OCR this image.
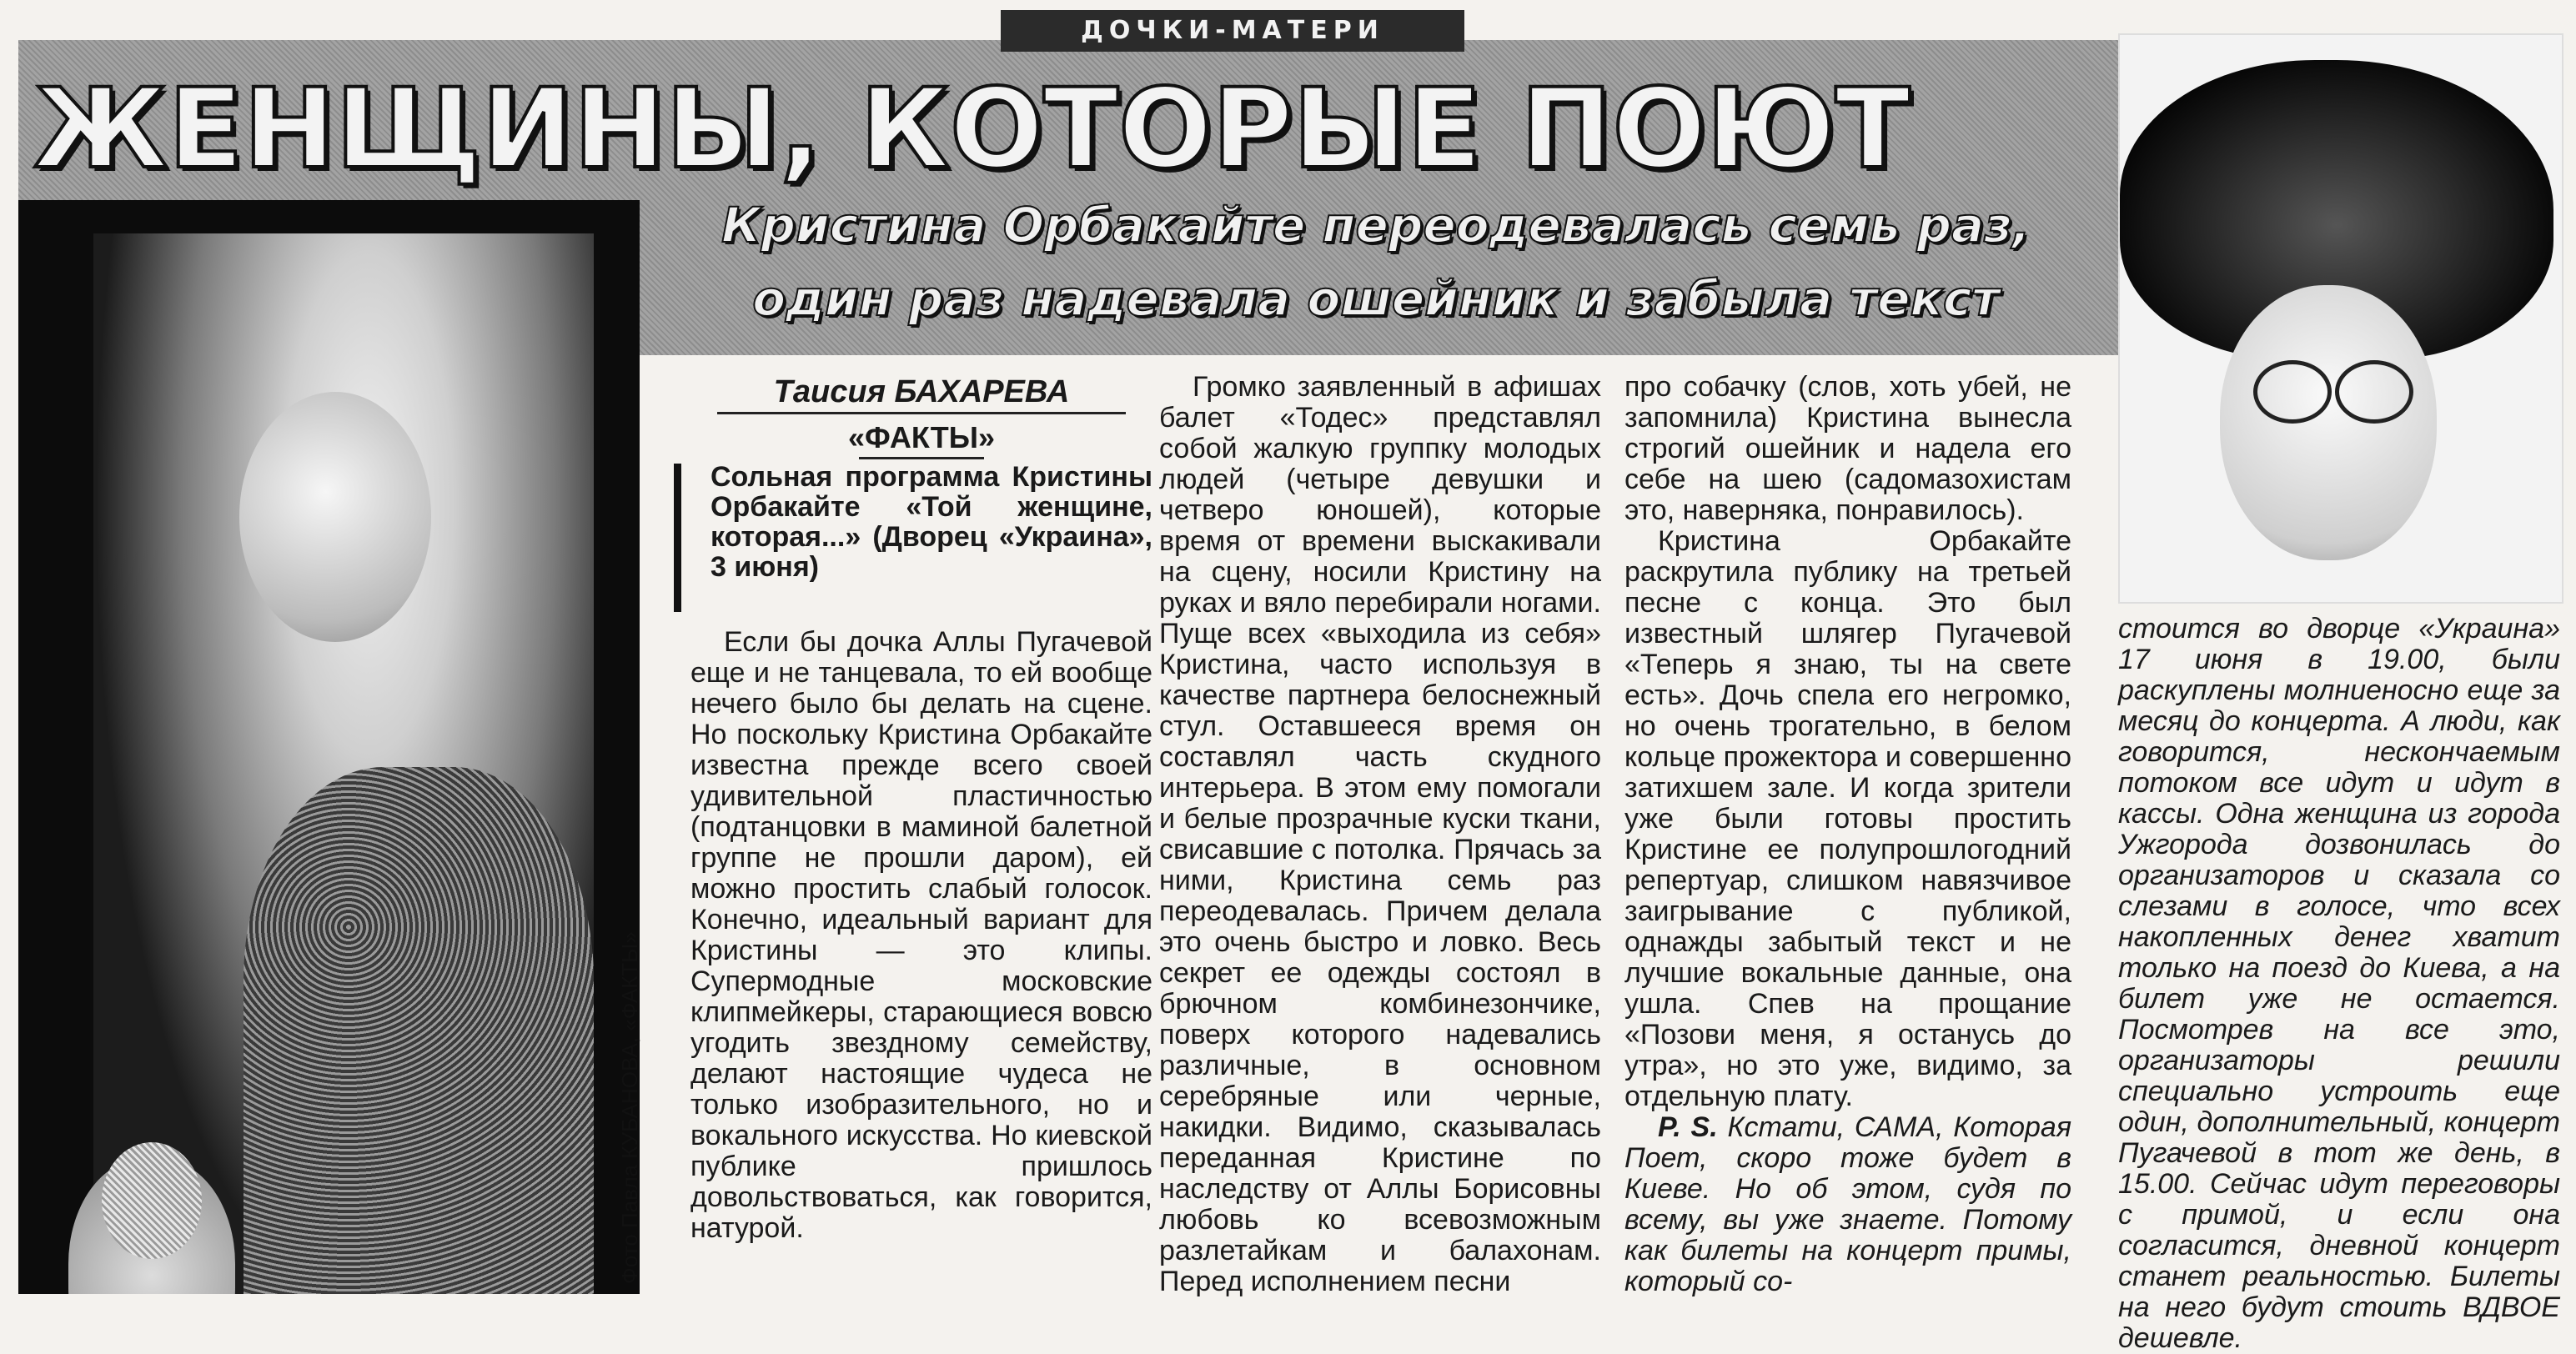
ДОЧКИ-МАТЕРИ
ЖЕНЩИНЫ, КОТОРЫЕ ПОЮТ
Кристина Орбакайте переодевалась семь раз,
один раз надевала ошейник и забыла текст
Фото Павла КУБАНОВА, «ФАКТЫ»
Таисия БАХАРЕВА
«ФАКТЫ»
Сольная программа Кристины Орбакайте «Той женщине, которая...» (Дворец «Украина», 3 июня)

Если бы дочка Аллы Пугачевой еще и не танцевала, то ей вообще нечего было бы делать на сцене. Но поскольку Кристина Орбакайте известна прежде всего своей удивительной пластичностью (подтанцовки в маминой балетной группе не прошли даром), ей можно простить слабый голосок. Конечно, идеальный вариант для Кристины — это клипы. Супермодные московские клипмейкеры, старающиеся вовсю угодить звездному семейству, делают настоящие чудеса не только изобразительного, но и вокального искусства. Но киевской публике пришлось довольствоваться, как говорится, натурой.

Громко заявленный в афишах балет «Тодес» представлял собой жалкую группку молодых людей (четыре девушки и четверо юношей), которые время от времени выскакивали на сцену, носили Кристину на руках и вяло перебирали ногами. Пуще всех «выходила из себя» Кристина, часто используя в качестве партнера белоснежный стул. Оставшееся время он составлял часть скудного интерьера. В этом ему помогали и белые прозрачные куски ткани, свисавшие с потолка. Прячась за ними, Кристина семь раз переодевалась. Причем делала это очень быстро и ловко. Весь секрет ее одежды состоял в брючном комбинезончике, поверх которого надевались различные, в основном серебряные или черные, накидки. Видимо, сказывалась переданная Кристине по наследству от Аллы Борисовны любовь ко всевозможным разлетайкам и балахонам. Перед исполнением песни

про собачку (слов, хоть убей, не запомнила) Кристина вынесла строгий ошейник и надела его себе на шею (садомазохистам это, наверняка, понравилось).

Кристина Орбакайте раскрутила публику на третьей песне с конца. Это был известный шлягер Пугачевой «Теперь я знаю, ты на свете есть». Дочь спела его негромко, но очень трогательно, в белом кольце прожектора и совершенно затихшем зале. И когда зрители уже были готовы простить Кристине ее полупрошлогодний репертуар, слишком навязчивое заигрывание с публикой, однажды забытый текст и не лучшие вокальные данные, она ушла. Спев на прощание «Позови меня, я останусь до утра», но это уже, видимо, за отдельную плату.

P. S. Кстати, САМА, Которая Поет, скоро тоже будет в Киеве. Но об этом, судя по всему, вы уже знаете. Потому как билеты на концерт примы, который со-

стоится во дворце «Украина» 17 июня в 19.00, были раскуплены молниеносно еще за месяц до концерта. А люди, как говорится, нескончаемым потоком все идут и идут в кассы. Одна женщина из города Ужгорода дозвонилась до организаторов и сказала со слезами в голосе, что всех накопленных денег хватит только на поезд до Киева, а на билет уже не остается. Посмотрев на все это, организаторы решили специально устроить еще один, дополнительный, концерт Пугачевой в тот же день, в 15.00. Сейчас идут переговоры с примой, и если она согласится, дневной концерт станет реальностью. Билеты на него будут стоить ВДВОЕ дешевле.
